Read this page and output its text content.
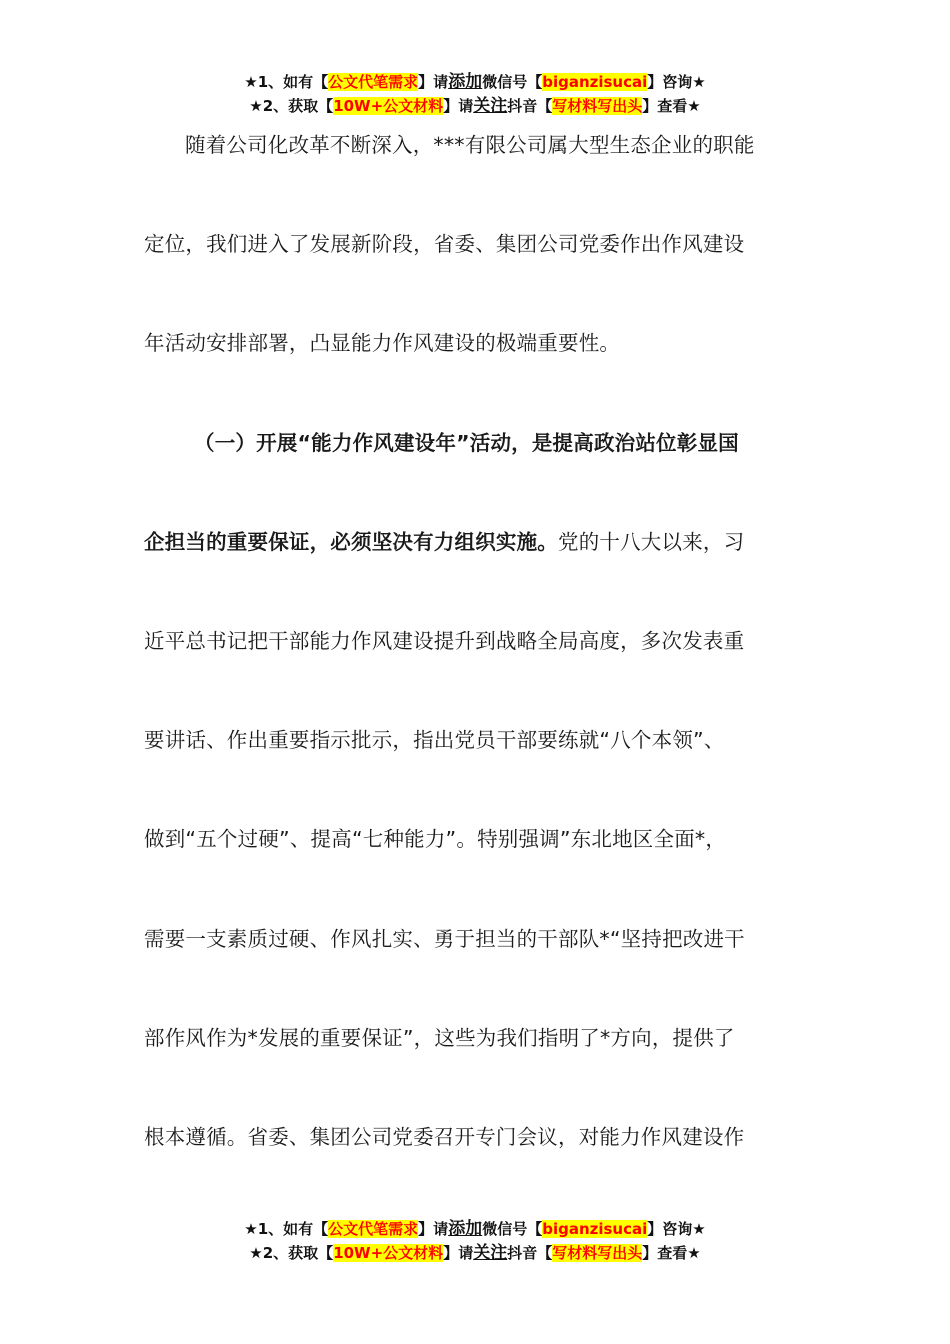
★1、如有【公文代笔需求】请添加微信号【biganzisucai】咨询★
★2、获取【10W+公文材料】请关注抖音【写材料写出头】查看★
随着公司化改革不断深入，***有限公司属大型生态企业的职能
定位，我们进入了发展新阶段，省委、集团公司党委作出作风建设
年活动安排部署，凸显能力作风建设的极端重要性。
（一）开展“能力作风建设年”活动，是提高政治站位彰显国
企担当的重要保证，必须坚决有力组织实施。党的十八大以来，习
近平总书记把干部能力作风建设提升到战略全局高度，多次发表重
要讲话、作出重要指示批示，指出党员干部要练就“八个本领”、
做到“五个过硬”、提高“七种能力”。特别强调”东北地区全面*，
需要一支素质过硬、作风扎实、勇于担当的干部队*“坚持把改进干
部作风作为*发展的重要保证”，这些为我们指明了*方向，提供了
根本遵循。省委、集团公司党委召开专门会议，对能力作风建设作
★1、如有【公文代笔需求】请添加微信号【biganzisucai】咨询★
★2、获取【10W+公文材料】请关注抖音【写材料写出头】查看★
